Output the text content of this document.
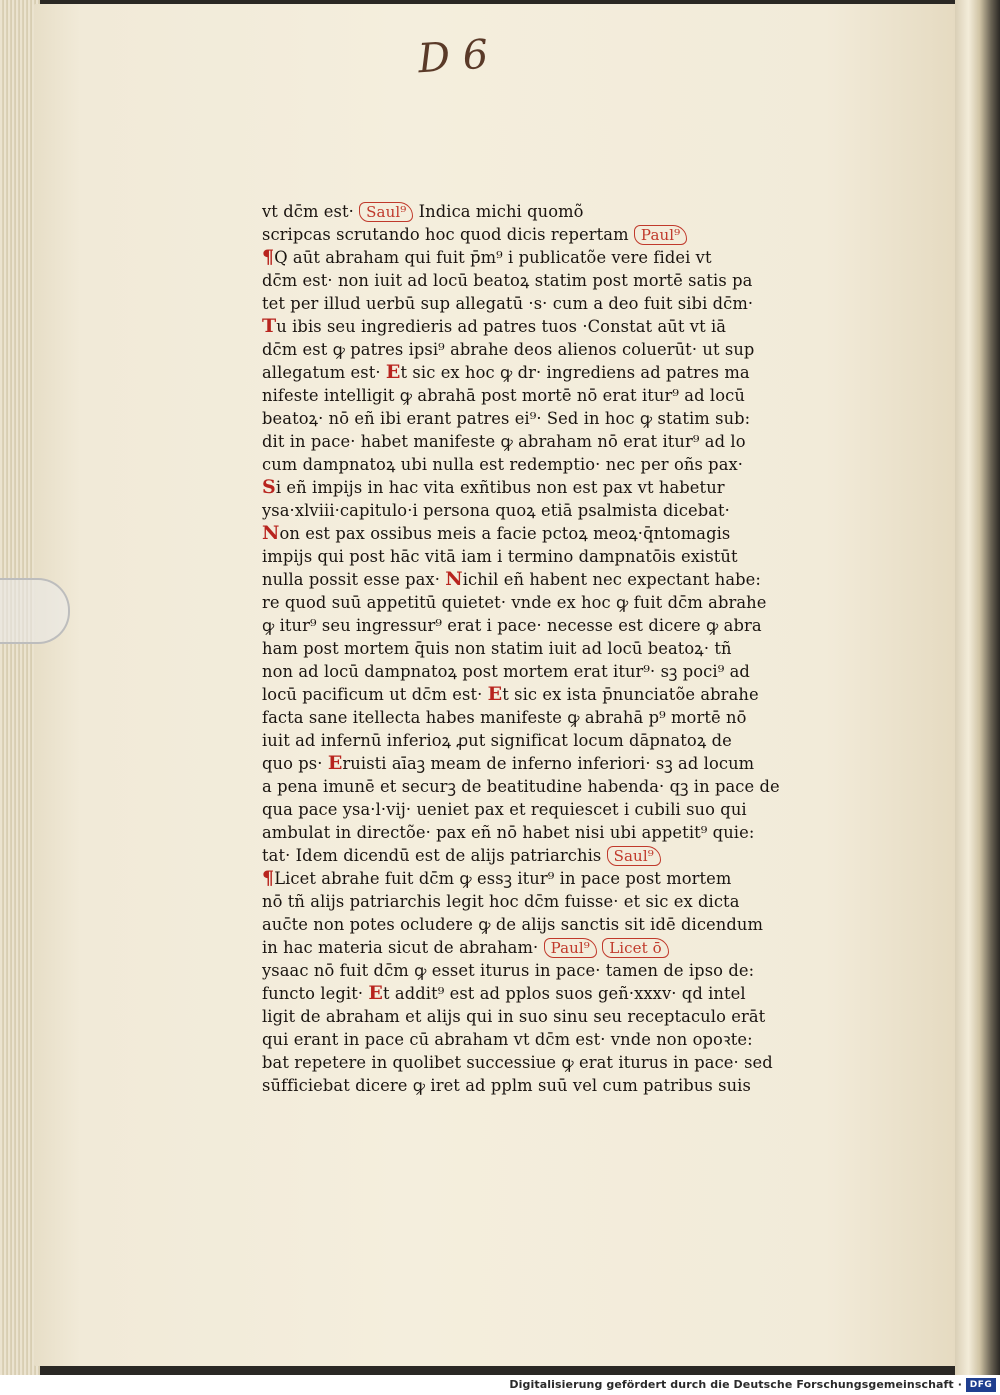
D 6
vt dc̄m est· Saul⁹ Indica michi quomõ
scripcas scrutando hoc quod dicis repertam Paul⁹
¶Q aūt abraham qui fuit p̄m⁹ i publicatõe vere fidei vt
dc̄m est· non iuit ad locū beatoꝝ statim post mortē satis pa
tet per illud uerbū sup allegatū ·s· cum a deo fuit sibi dc̄m·
Tu ibis seu ingredieris ad patres tuos ·Constat aūt vt iā
dc̄m est ꝙ patres ipsi⁹ abrahe deos alienos coluerūt· ut sup
allegatum est· Et sic ex hoc ꝙ dr· ingrediens ad patres ma
nifeste intelligit ꝙ abrahā post mortē nō erat itur⁹ ad locū
beatoꝝ· nō eñ ibi erant patres ei⁹· Sed in hoc ꝙ statim sub:
dit in pace· habet manifeste ꝙ abraham nō erat itur⁹ ad lo
cum dampnatoꝝ ubi nulla est redemptio· nec per oñs pax·
Si eñ impijs in hac vita exñtibus non est pax vt habetur
ysa·xlviii·capitulo·i persona quoꝝ etiā psalmista dicebat·
Non est pax ossibus meis a facie pctoꝝ meoꝝ·q̄ntomagis
impijs qui post hāc vitā iam i termino dampnatōis existūt
nulla possit esse pax· Nichil eñ habent nec expectant habe:
re quod suū appetitū quietet· vnde ex hoc ꝙ fuit dc̄m abrahe
ꝙ itur⁹ seu ingressur⁹ erat i pace· necesse est dicere ꝙ abra
ham post mortem q̄uis non statim iuit ad locū beatoꝝ· tñ
non ad locū dampnatoꝝ post mortem erat itur⁹· sꝫ poci⁹ ad
locū pacificum ut dc̄m est· Et sic ex ista p̄nunciatõe abrahe
facta sane itellecta habes manifeste ꝙ abrahā p⁹ mortē nō
iuit ad infernū inferioꝝ ꝓut significat locum dāpnatoꝝ de
quo ps· Eruisti aīaꝫ meam de inferno inferiori· sꝫ ad locum
a pena imunē et securꝫ de beatitudine habenda· qꝫ in pace de
qua pace ysa·l·vij· ueniet pax et requiescet i cubili suo qui
ambulat in directõe· pax eñ nō habet nisi ubi appetit⁹ quie:
tat· Idem dicendū est de alijs patriarchis Saul⁹
¶Licet abrahe fuit dc̄m ꝙ essꝫ itur⁹ in pace post mortem
nō tñ alijs patriarchis legit hoc dc̄m fuisse· et sic ex dicta
auc̄te non potes ocludere ꝙ de alijs sanctis sit idē dicendum
in hac materia sicut de abraham· Paul⁹ Licet ō
ysaac nō fuit dc̄m ꝙ esset iturus in pace· tamen de ipso de:
functo legit· Et addit⁹ est ad pplos suos geñ·xxxv· qd intel
ligit de abraham et alijs qui in suo sinu seu receptaculo erāt
qui erant in pace cū abraham vt dc̄m est· vnde non opoꝛte:
bat repetere in quolibet successiue ꝙ erat iturus in pace· sed
sūfficiebat dicere ꝙ iret ad pplm suū vel cum patribus suis
Digitalisierung gefördert durch die Deutsche Forschungsgemeinschaft · DFG
